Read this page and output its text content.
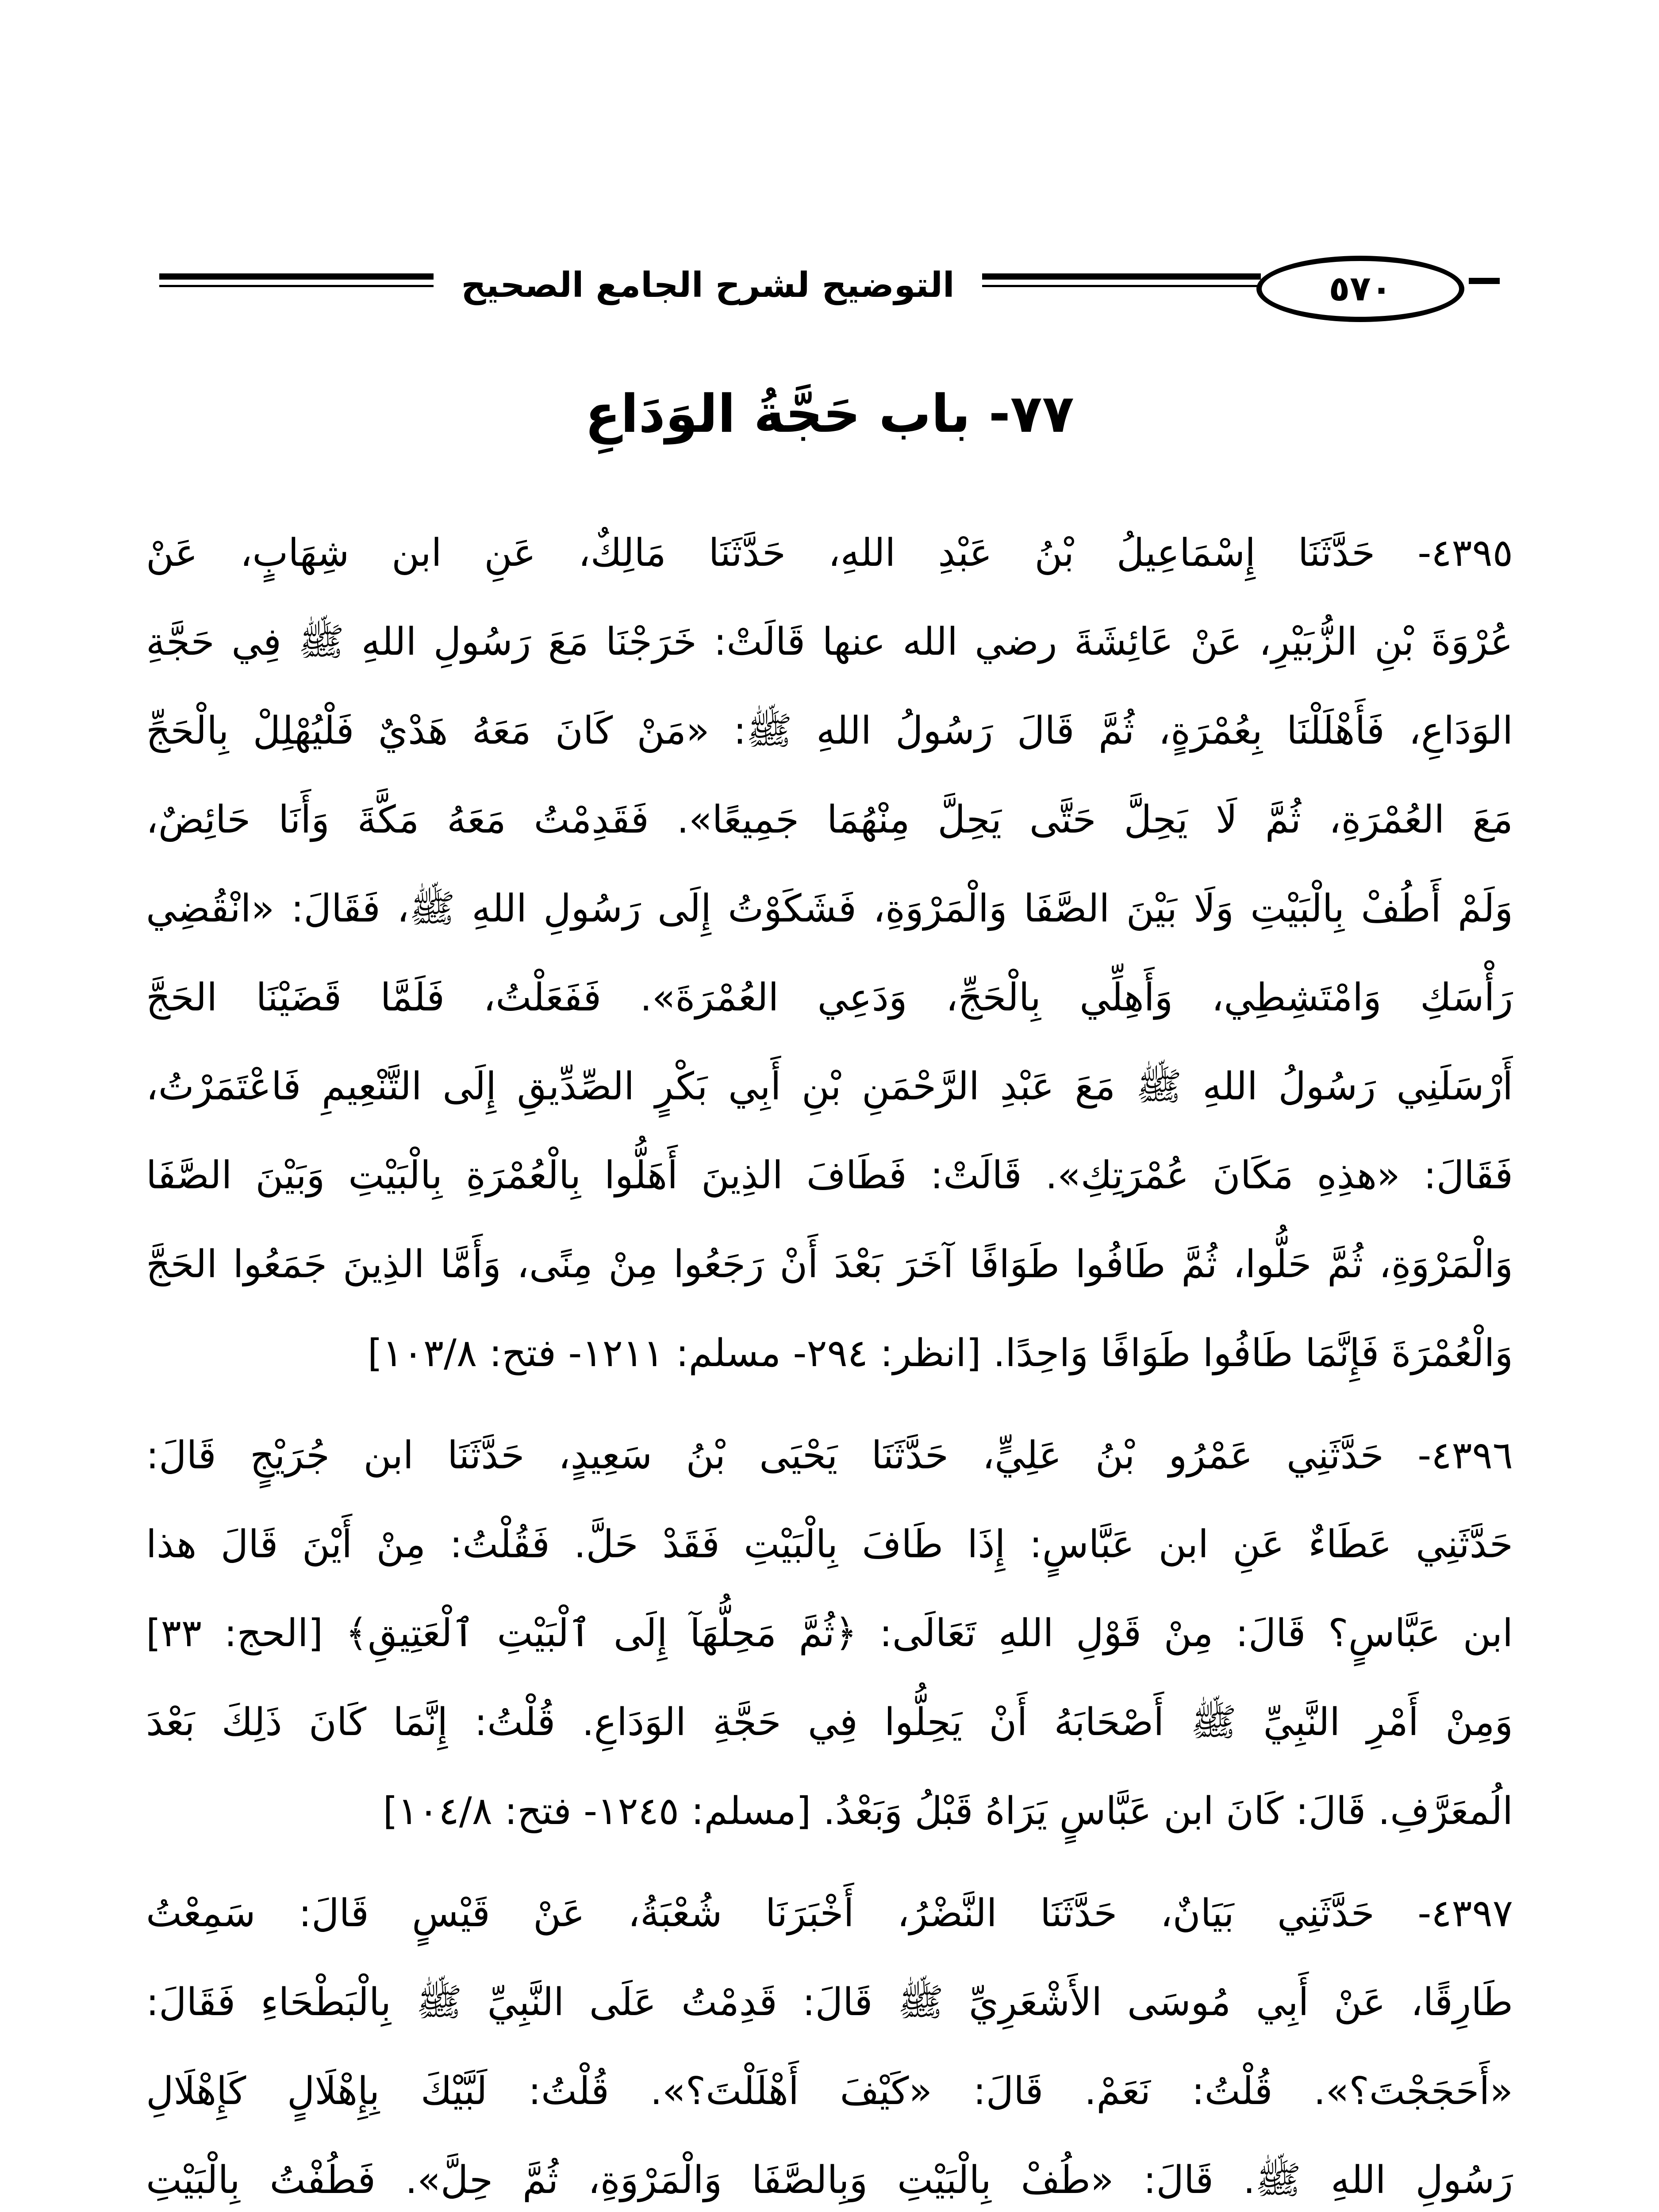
التوضيح لشرح الجامع الصحيح	٥٧٠
٧٧- باب حَجَّةُ الوَدَاعِ
٤٣٩٥- حَدَّثَنَا إِسْمَاعِيلُ بْنُ عَبْدِ اللهِ، حَدَّثَنَا مَالِكٌ، عَنِ ابن شِهَابٍ، عَنْ
عُرْوَةَ بْنِ الزُّبَيْرِ، عَنْ عَائِشَةَ رضي الله عنها قَالَتْ: خَرَجْنَا مَعَ رَسُولِ اللهِ ﷺ فِي حَجَّةِ
الوَدَاعِ، فَأَهْلَلْنَا بِعُمْرَةٍ، ثُمَّ قَالَ رَسُولُ اللهِ ﷺ: «مَنْ كَانَ مَعَهُ هَدْيٌ فَلْيُهْلِلْ بِالْحَجِّ
مَعَ العُمْرَةِ، ثُمَّ لَا يَحِلَّ حَتَّى يَحِلَّ مِنْهُمَا جَمِيعًا». فَقَدِمْتُ مَعَهُ مَكَّةَ وَأَنَا حَائِضٌ،
وَلَمْ أَطُفْ بِالْبَيْتِ وَلَا بَيْنَ الصَّفَا وَالْمَرْوَةِ، فَشَكَوْتُ إِلَى رَسُولِ اللهِ ﷺ، فَقَالَ: «انْقُضِي
رَأْسَكِ وَامْتَشِطِي، وَأَهِلِّي بِالْحَجِّ، وَدَعِي العُمْرَةَ». فَفَعَلْتُ، فَلَمَّا قَضَيْنَا الحَجَّ
أَرْسَلَنِي رَسُولُ اللهِ ﷺ مَعَ عَبْدِ الرَّحْمَنِ بْنِ أَبِي بَكْرٍ الصِّدِّيقِ إِلَى التَّنْعِيمِ فَاعْتَمَرْتُ،
فَقَالَ: «هذِهِ مَكَانَ عُمْرَتِكِ». قَالَتْ: فَطَافَ الذِينَ أَهَلُّوا بِالْعُمْرَةِ بِالْبَيْتِ وَبَيْنَ الصَّفَا
وَالْمَرْوَةِ، ثُمَّ حَلُّوا، ثُمَّ طَافُوا طَوَافًا آخَرَ بَعْدَ أَنْ رَجَعُوا مِنْ مِنًى، وَأَمَّا الذِينَ جَمَعُوا الحَجَّ
وَالْعُمْرَةَ فَإِنَّمَا طَافُوا طَوَافًا وَاحِدًا. [انظر: ٢٩٤- مسلم: ١٢١١- فتح: ١٠٣/٨]
٤٣٩٦- حَدَّثَنِي عَمْرُو بْنُ عَلِيٍّ، حَدَّثَنَا يَحْيَى بْنُ سَعِيدٍ، حَدَّثَنَا ابن جُرَيْجٍ قَالَ:
حَدَّثَنِي عَطَاءٌ عَنِ ابن عَبَّاسٍ: إِذَا طَافَ بِالْبَيْتِ فَقَدْ حَلَّ. فَقُلْتُ: مِنْ أَيْنَ قَالَ هذا
ابن عَبَّاسٍ؟ قَالَ: مِنْ قَوْلِ اللهِ تَعَالَى: ﴿ثُمَّ مَحِلُّهَآ إِلَى ٱلْبَيْتِ ٱلْعَتِيقِ﴾ [الحج: ٣٣]
وَمِنْ أَمْرِ النَّبِيِّ ﷺ أَصْحَابَهُ أَنْ يَحِلُّوا فِي حَجَّةِ الوَدَاعِ. قُلْتُ: إِنَّمَا كَانَ ذَلِكَ بَعْدَ
الُمعَرَّفِ. قَالَ: كَانَ ابن عَبَّاسٍ يَرَاهُ قَبْلُ وَبَعْدُ. [مسلم: ١٢٤٥- فتح: ١٠٤/٨]
٤٣٩٧- حَدَّثَنِي بَيَانٌ، حَدَّثَنَا النَّضْرُ، أَخْبَرَنَا شُعْبَةُ، عَنْ قَيْسٍ قَالَ: سَمِعْتُ
طَارِقًا، عَنْ أَبِي مُوسَى الأَشْعَرِيِّ ﷺ قَالَ: قَدِمْتُ عَلَى النَّبِيِّ ﷺ بِالْبَطْحَاءِ فَقَالَ:
«أَحَجَجْتَ؟». قُلْتُ: نَعَمْ. قَالَ: «كَيْفَ أَهْلَلْتَ؟». قُلْتُ: لَبَّيْكَ بِإِهْلَالٍ كَإِهْلَالِ
رَسُولِ اللهِ ﷺ. قَالَ: «طُفْ بِالْبَيْتِ وَبِالصَّفَا وَالْمَرْوَةِ، ثُمَّ حِلَّ». فَطُفْتُ بِالْبَيْتِ
